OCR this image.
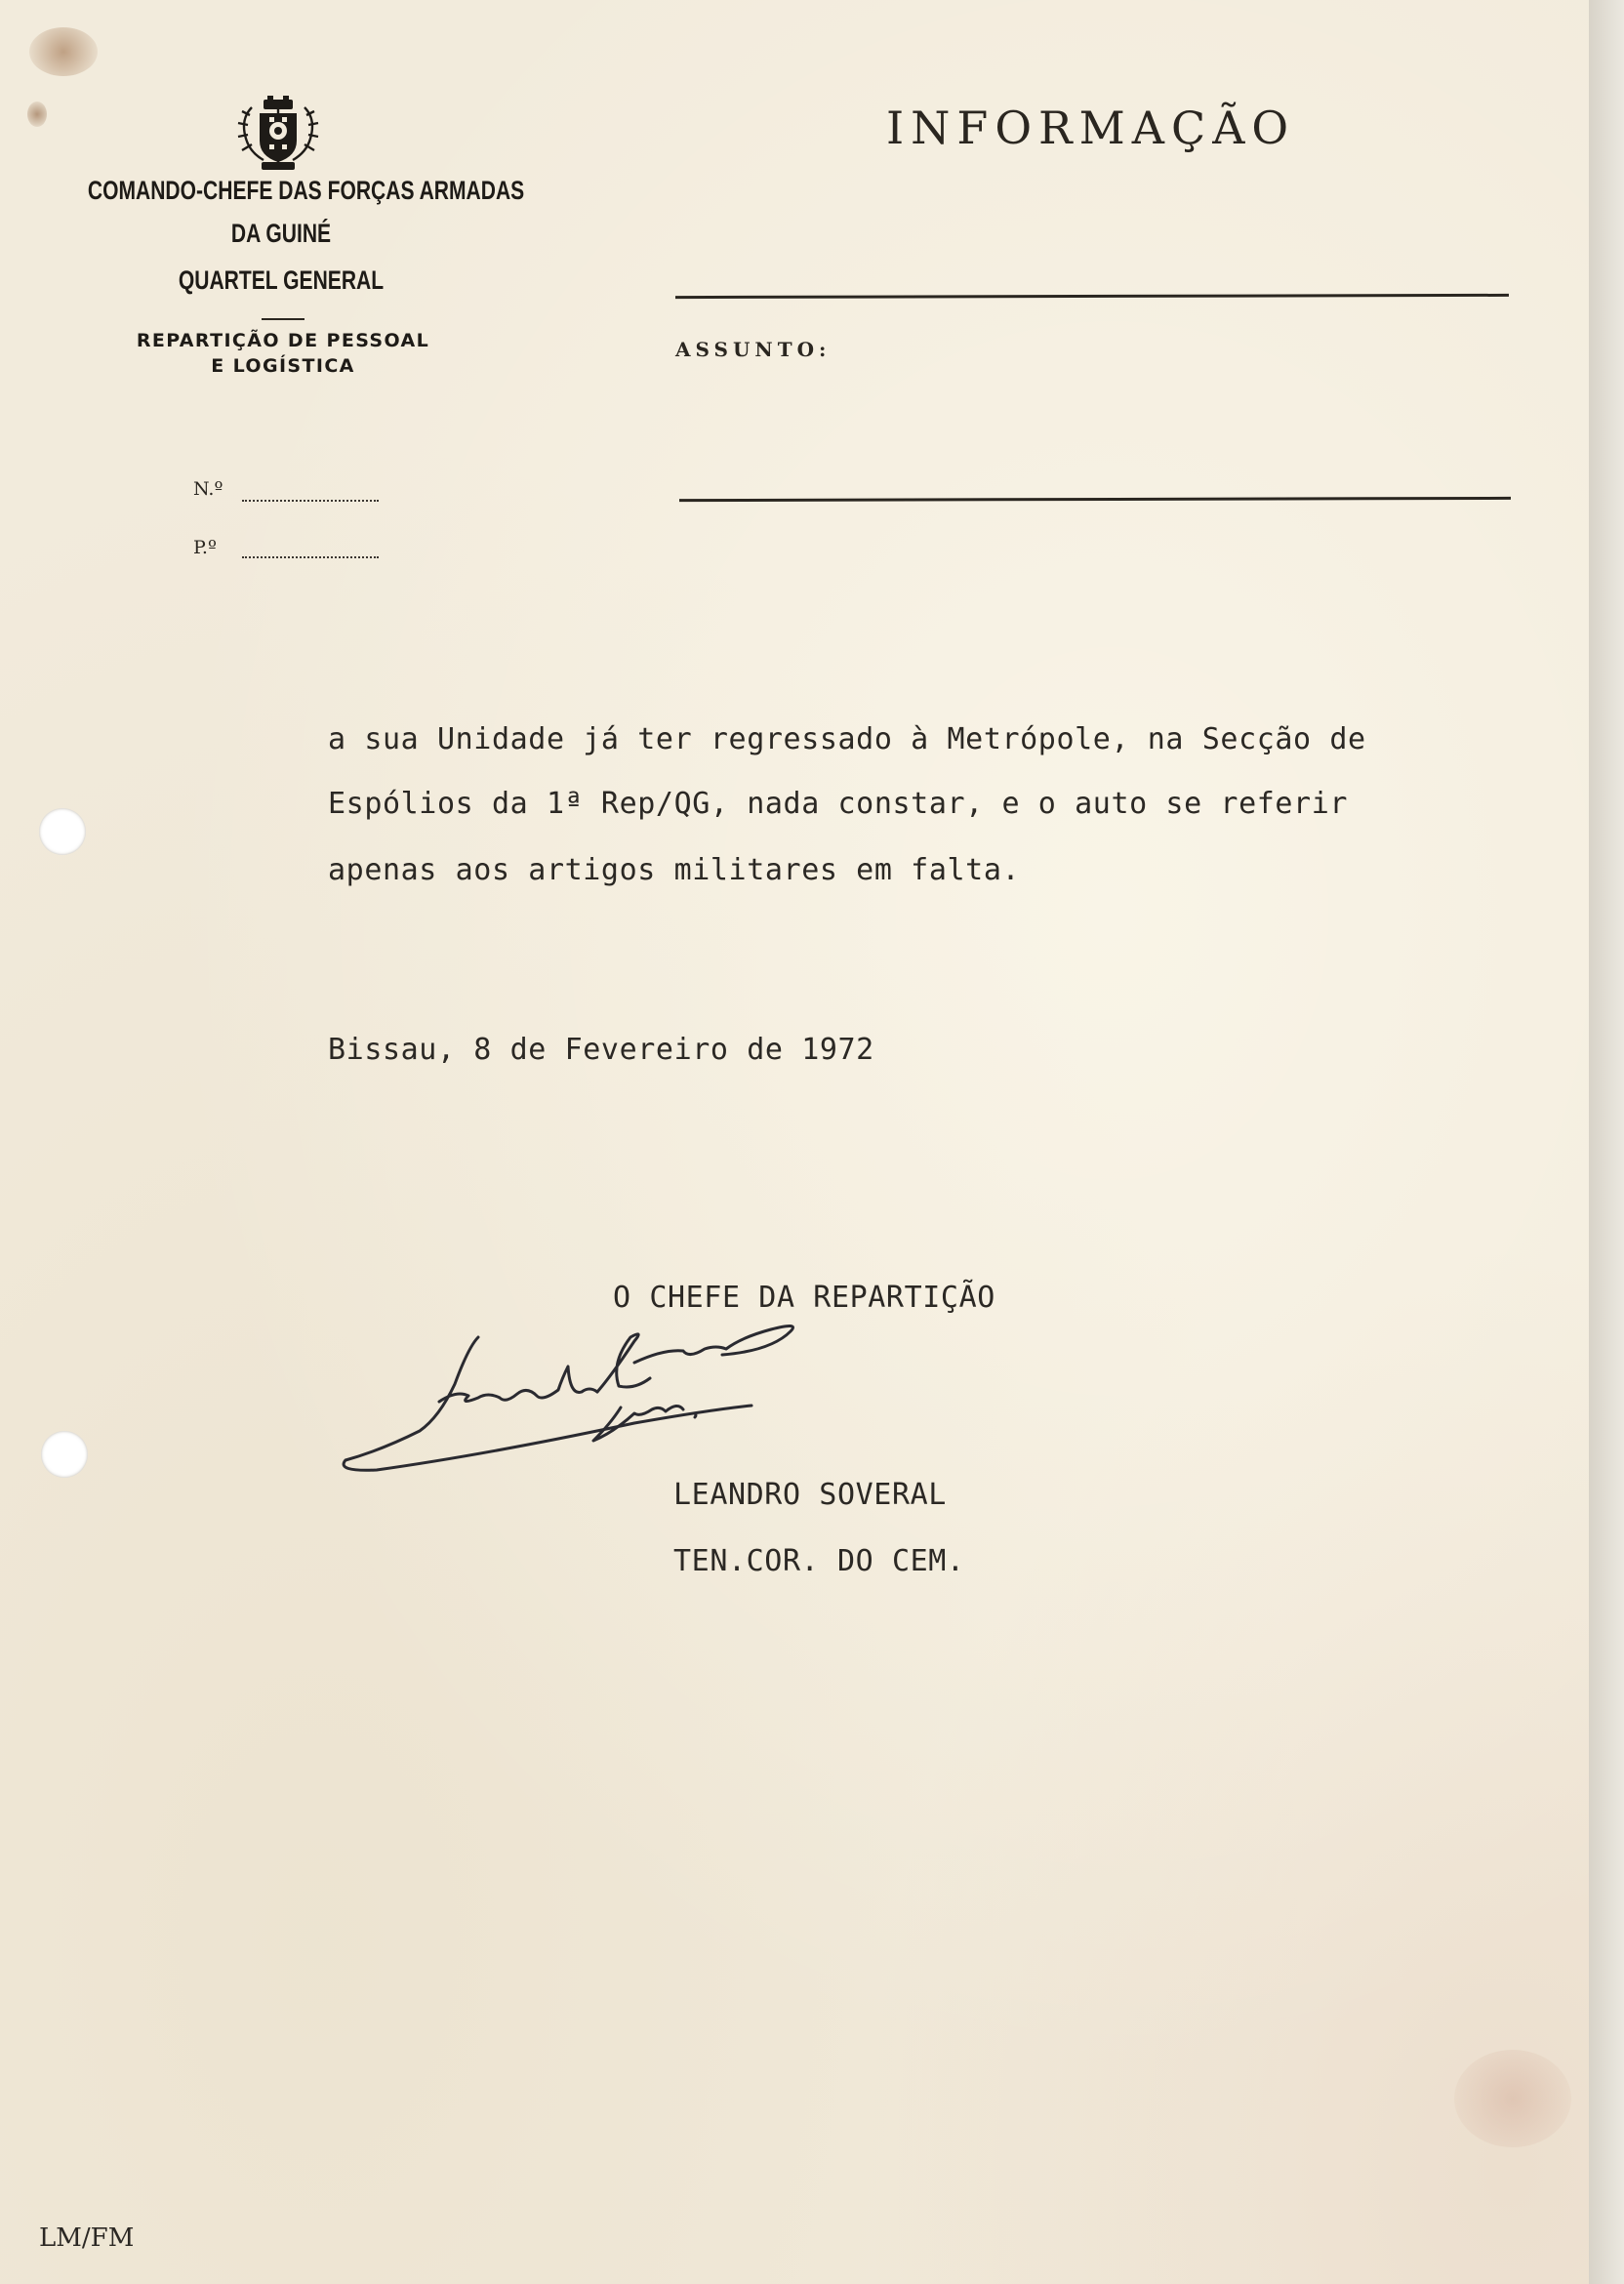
COMANDO-CHEFE DAS FORÇAS ARMADAS
DA GUINÉ
QUARTEL GENERAL
REPARTIÇÃO DE PESSOAL
E LOGÍSTICA
N.º
P.º
INFORMAÇÃO
ASSUNTO:
a sua Unidade já ter regressado à Metrópole, na Secção de
Espólios da 1ª Rep/QG, nada constar, e o auto se referir
apenas aos artigos militares em falta.
Bissau, 8 de Fevereiro de 1972
O CHEFE DA REPARTIÇÃO
LEANDRO SOVERAL
TEN.COR. DO CEM.
LM/FM
